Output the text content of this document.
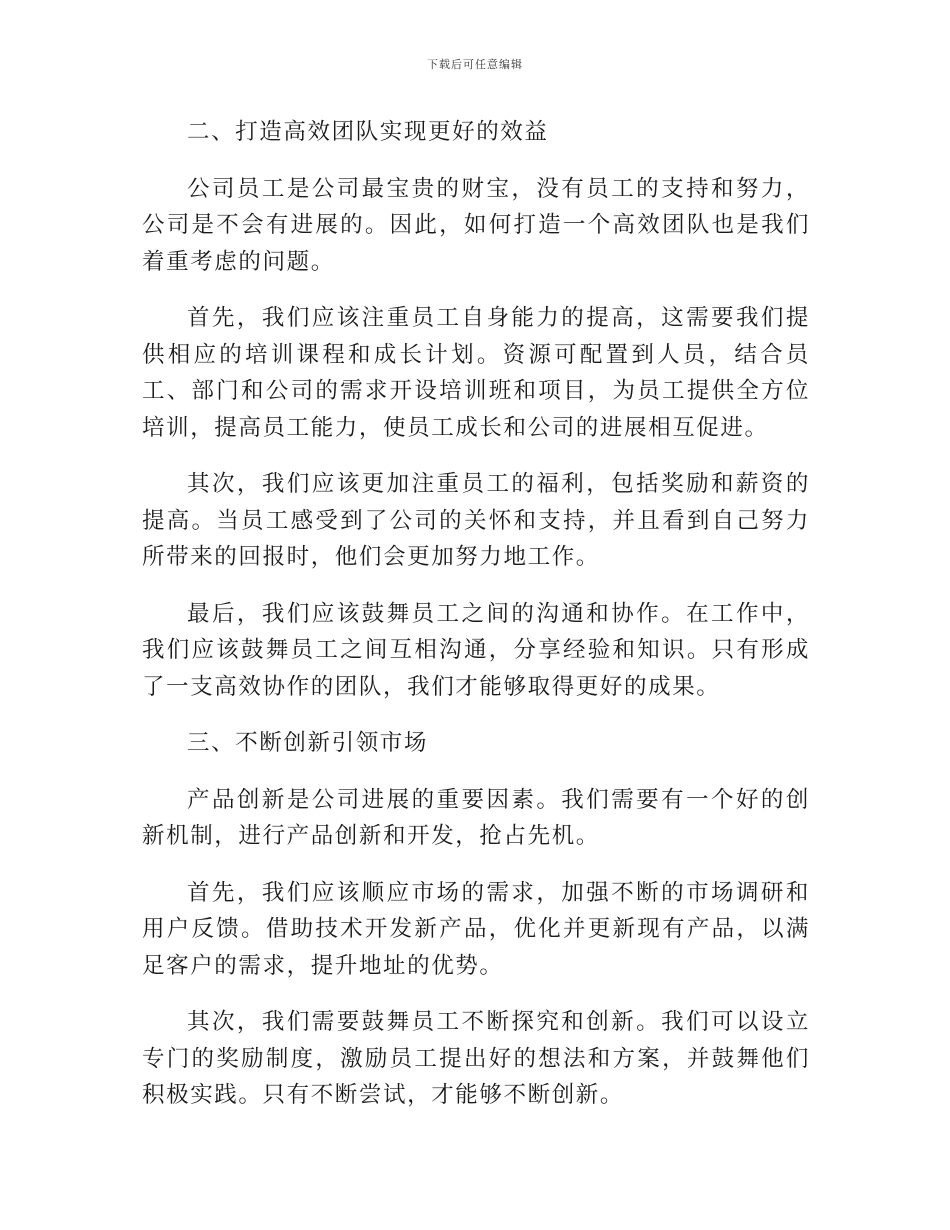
下载后可任意编辑

二、打造高效团队实现更好的效益

公司员工是公司最宝贵的财宝，没有员工的支持和努力，公司是不会有进展的。因此，如何打造一个高效团队也是我们着重考虑的问题。

首先，我们应该注重员工自身能力的提高，这需要我们提供相应的培训课程和成长计划。资源可配置到人员，结合员工、部门和公司的需求开设培训班和项目，为员工提供全方位培训，提高员工能力，使员工成长和公司的进展相互促进。

其次，我们应该更加注重员工的福利，包括奖励和薪资的提高。当员工感受到了公司的关怀和支持，并且看到自己努力所带来的回报时，他们会更加努力地工作。

最后，我们应该鼓舞员工之间的沟通和协作。在工作中，我们应该鼓舞员工之间互相沟通，分享经验和知识。只有形成了一支高效协作的团队，我们才能够取得更好的成果。

三、不断创新引领市场

产品创新是公司进展的重要因素。我们需要有一个好的创新机制，进行产品创新和开发，抢占先机。

首先，我们应该顺应市场的需求，加强不断的市场调研和用户反馈。借助技术开发新产品，优化并更新现有产品，以满足客户的需求，提升地址的优势。

其次，我们需要鼓舞员工不断探究和创新。我们可以设立专门的奖励制度，激励员工提出好的想法和方案，并鼓舞他们积极实践。只有不断尝试，才能够不断创新。
